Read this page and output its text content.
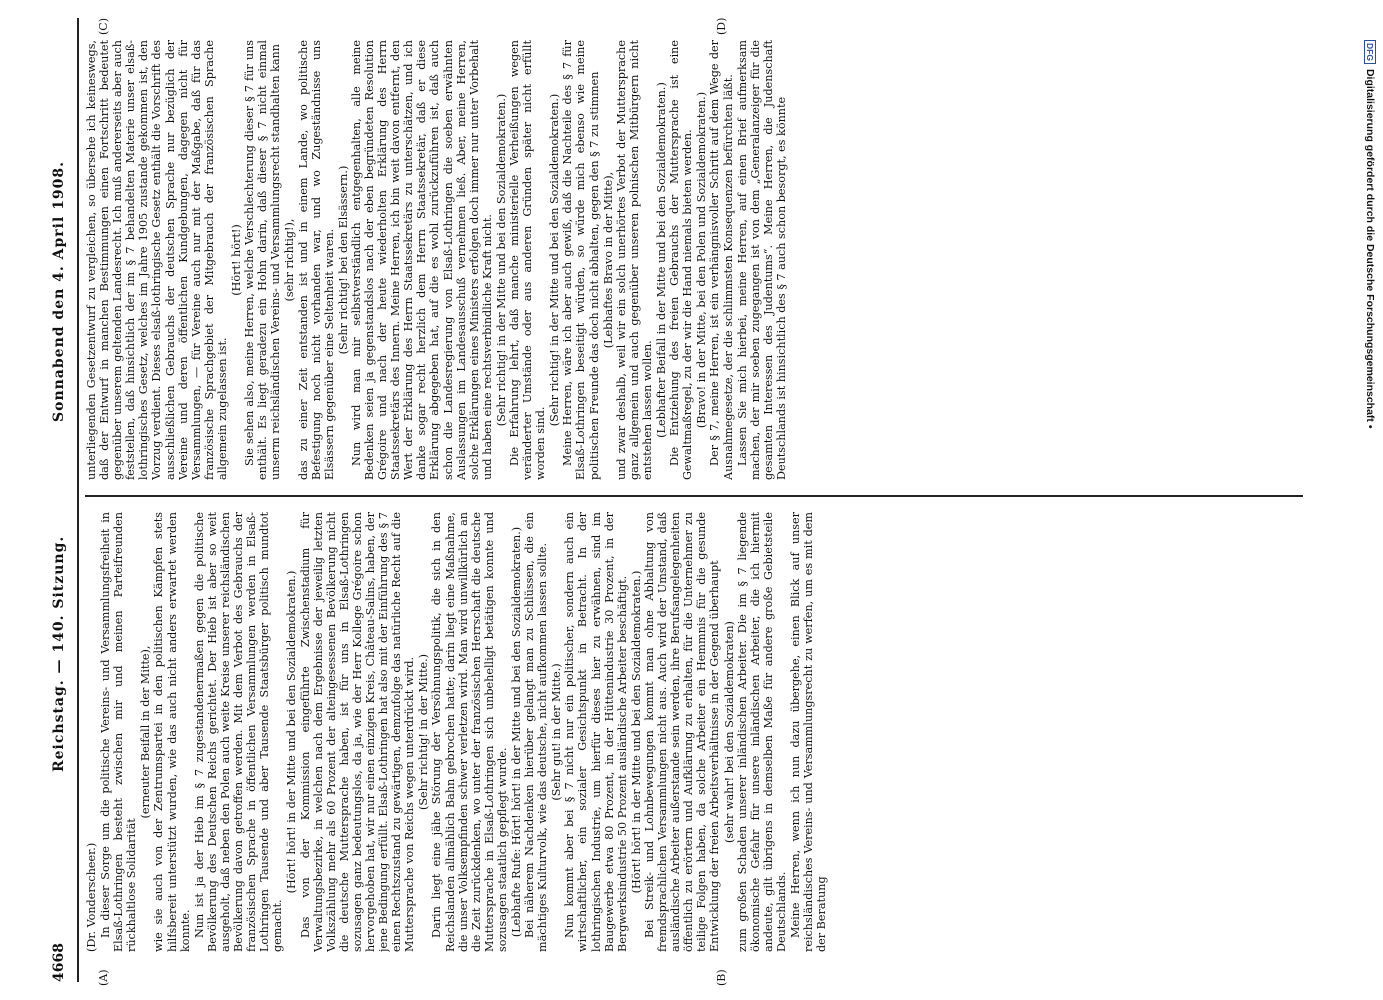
4668
Reichstag. — 140. Sitzung.
Sonnabend den 4. April 1908.
(A)	(B)
(C)	(D)

(Dr. Vonderscheer.) In dieser Sorge um die politische Vereins- und Versammlungsfreiheit in Elsaß-Lothringen besteht zwischen mir und meinen Parteifreunden rückhaltlose Solidarität

(erneuter Beifall in der Mitte), wie sie auch von der Zentrumspartei in den politischen Kämpfen stets hilfsbereit unterstützt wurden, wie das auch nicht anders erwartet werden konnte. Nun ist ja der Hieb im § 7 zugestandenermaßen gegen die politische Bevölkerung des Deutschen Reichs gerichtet. Der Hieb ist aber so weit ausgeholt, daß neben den Polen auch weite Kreise unserer reichsländischen Bevölkerung davon getroffen werden. Mit dem Verbot des Gebrauchs der französischen Sprache in öffentlichen Versammlungen werden in Elsaß-Lothringen Tausende und aber Tausende Staatsbürger politisch mundtot gemacht.

(Hört! hört! in der Mitte und bei den Sozialdemokraten.) Das von der Kommission eingeführte Zwischenstadium für Verwaltungsbezirke, in welchen nach dem Ergebnisse der jeweilig letzten Volkszählung mehr als 60 Prozent der alteingesessenen Bevölkerung nicht die deutsche Muttersprache haben, ist für uns in Elsaß-Lothringen sozusagen ganz bedeutungslos, da ja, wie der Herr Kollege Grégoire schon hervorgehoben hat, wir nur einen einzigen Kreis, Château-Salins, haben, der jene Bedingung erfüllt. Elsaß-Lothringen hat also mit der Einführung des § 7 einen Rechtszustand zu gewärtigen, demzufolge das natürliche Recht auf die Muttersprache von Reichs wegen unterdrückt wird. (Sehr richtig! in der Mitte.) Darin liegt eine jähe Störung der Versöhnungspolitik, die sich in den Reichslanden allmählich Bahn gebrochen hatte; darin liegt eine Maßnahme, die unser Volksempfinden schwer verletzen wird. Man wird unwillkürlich an die Zeit zurückdenken, wo unter der französischen Herrschaft die deutsche Muttersprache in Elsaß-Lothringen sich unbehelligt betätigen konnte und sozusagen staatlich gepflegt wurde. (Lebhafte Rufe: Hört! hört! in der Mitte und bei den Sozialdemokraten.) Bei näherem Nachdenken hierüber gelangt man zu Schlüssen, die ein mächtiges Kulturvolk, wie das deutsche, nicht aufkommen lassen sollte. (Sehr gut! in der Mitte.) Nun kommt aber bei § 7 nicht nur ein politischer, sondern auch ein wirtschaftlicher, ein sozialer Gesichtspunkt in Betracht. In der lothringischen Industrie, um hierfür dieses hier zu erwähnen, sind im Baugewerbe etwa 80 Prozent, in der Hüttenindustrie 30 Prozent, in der Bergwerksindustrie 50 Prozent ausländische Arbeiter beschäftigt. (Hört! hört! in der Mitte und bei den Sozialdemokraten.) Bei Streik- und Lohnbewegungen kommt man ohne Abhaltung von fremdsprachlichen Versammlungen nicht aus. Auch wird der Umstand, daß ausländische Arbeiter außerstande sein werden, ihre Berufsangelegenheiten öffentlich zu erörtern und Aufklärung zu erhalten, für die Unternehmer zu teilige Folgen haben, da solche Arbeiter ein Hemmnis für die gesunde Entwicklung der freien Arbeitsverhältnisse in der Gegend überhaupt (sehr wahr! bei den Sozialdemokraten) zum großen Schaden unserer inländischen Arbeiter. Die im § 7 liegende ökonomische Gefahr für unsere inländischen Arbeiter, die ich hiermit andeute, gilt übrigens in demselben Maße für andere große Gebietsteile Deutschlands. Meine Herren, wenn ich nun dazu übergehe, einen Blick auf unser reichsländisches Vereins- und Versammlungsrecht zu werfen, um es mit dem der Beratung

unterliegenden Gesetzentwurf zu vergleichen, so übersehe ich keineswegs, daß der Entwurf in manchen Bestimmungen einen Fortschritt bedeutet gegenüber unserem geltenden Landesrecht. Ich muß andererseits aber auch feststellen, daß hinsichtlich der im § 7 behandelten Materie unser elsaß-lothringisches Gesetz, welches im Jahre 1905 zustande gekommen ist, den Vorzug verdient. Dieses elsaß-lothringische Gesetz enthält die Vorschrift des ausschließlichen Gebrauchs der deutschen Sprache nur bezüglich der Vereine und deren öffentlichen Kundgebungen, dagegen nicht für Versammlungen, — für Vereine auch nur mit der Maßgabe, daß für das französische Sprachgebiet der Mitgebrauch der französischen Sprache allgemein zugelassen ist.

(Hört! hört!) Sie sehen also, meine Herren, welche Verschlechterung dieser § 7 für uns enthält. Es liegt geradezu ein Hohn darin, daß dieser § 7 nicht einmal unserm reichsländischen Vereins- und Versammlungsrecht standhalten kann (sehr richtig!), das zu einer Zeit entstanden ist und in einem Lande, wo politische Befestigung noch nicht vorhanden war, und wo Zugeständnisse uns Elsässern gegenüber eine Seltenheit waren. (Sehr richtig! bei den Elsässern.) Nun wird man mir selbstverständlich entgegenhalten, alle meine Bedenken seien ja gegenstandslos nach der eben begründeten Resolution Grégoire und nach der heute wiederholten Erklärung des Herrn Staatssekretärs des Innern. Meine Herren, ich bin weit davon entfernt, den Wert der Erklärung des Herrn Staatssekretärs zu unterschätzen, und ich danke sogar recht herzlich dem Herrn Staatssekretär, daß er diese Erklärung abgegeben hat, auf die es wohl zurückzuführen ist, daß auch schon die Landesregierung von Elsaß-Lothringen die soeben erwähnten Auslassungen im Landesausschuß vernehmen ließ. Aber, meine Herren, solche Erklärungen eines Ministers erfolgen doch immer nur unter Vorbehalt und haben eine rechtsverbindliche Kraft nicht. (Sehr richtig! in der Mitte und bei den Sozialdemokraten.) Die Erfahrung lehrt, daß manche ministerielle Verheißungen wegen veränderter Umstände oder aus anderen Gründen später nicht erfüllt worden sind.

(Sehr richtig! in der Mitte und bei den Sozialdemokraten.) Meine Herren, wäre ich aber auch gewiß, daß die Nachteile des § 7 für Elsaß-Lothringen beseitigt würden, so würde mich ebenso wie meine politischen Freunde das doch nicht abhalten, gegen den § 7 zu stimmen (Lebhaftes Bravo in der Mitte), und zwar deshalb, weil wir ein solch unerhörtes Verbot der Muttersprache ganz allgemein und auch gegenüber unseren polnischen Mitbürgern nicht entstehen lassen wollen. (Lebhafter Beifall in der Mitte und bei den Sozialdemokraten.) Die Entziehung des freien Gebrauchs der Muttersprache ist eine Gewaltmaßregel, zu der wir die Hand niemals bieten werden. (Bravo! in der Mitte, bei den Polen und Sozialdemokraten.) Der § 7, meine Herren, ist ein verhängnisvoller Schritt auf dem Wege der Ausnahmegesetze, der die schlimmsten Konsequenzen befürchten läßt. Lassen Sie mich hierbei, meine Herren, auf einen Brief aufmerksam machen, der mir soeben zugegangen ist von dem „Generalanzeiger für die gesamten Interessen des Judentums“. Meine Herren, die Judenschaft Deutschlands ist hinsichtlich des § 7 auch schon besorgt, es könnte

DFGDigitalisierung gefördert durch die Deutsche Forschungsgemeinschaft •
